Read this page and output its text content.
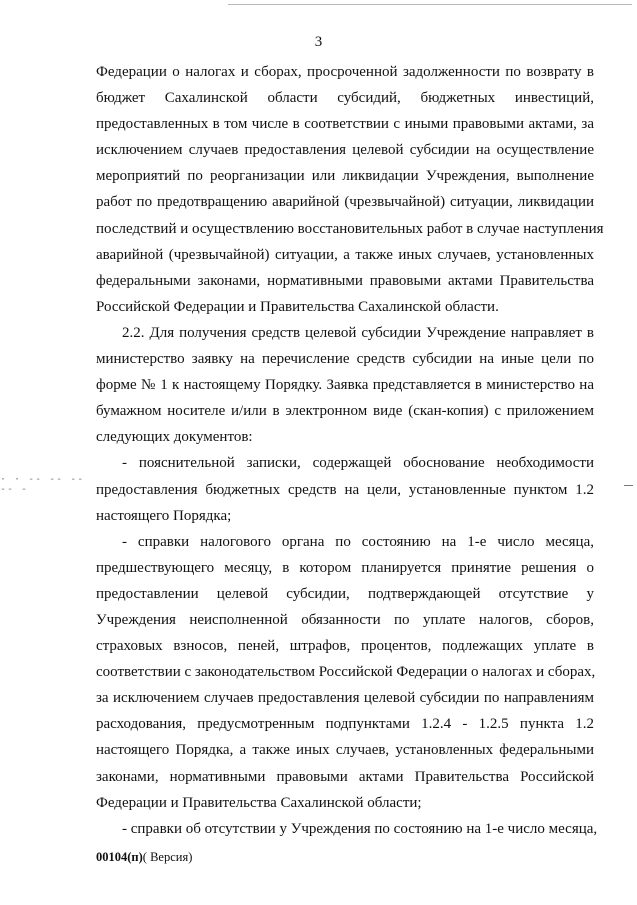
3
· · -- -- -- -- -
Федерации о налогах и сборах, просроченной задолженности по возврату в
бюджет Сахалинской области субсидий, бюджетных инвестиций,
предоставленных в том числе в соответствии с иными правовыми актами, за
исключением случаев предоставления целевой субсидии на осуществление
мероприятий по реорганизации или ликвидации Учреждения, выполнение
работ по предотвращению аварийной (чрезвычайной) ситуации, ликвидации
последствий и осуществлению восстановительных работ в случае наступления
аварийной (чрезвычайной) ситуации, а также иных случаев, установленных
федеральными законами, нормативными правовыми актами Правительства
Российской Федерации и Правительства Сахалинской области.
2.2. Для получения средств целевой субсидии Учреждение направляет в
министерство заявку на перечисление средств субсидии на иные цели по
форме № 1 к настоящему Порядку. Заявка представляется в министерство на
бумажном носителе и/или в электронном виде (скан-копия) с приложением
следующих документов:
- пояснительной записки, содержащей обоснование необходимости
предоставления бюджетных средств на цели, установленные пунктом 1.2
настоящего Порядка;
- справки налогового органа по состоянию на 1-е число месяца,
предшествующего месяцу, в котором планируется принятие решения о
предоставлении целевой субсидии, подтверждающей отсутствие у
Учреждения неисполненной обязанности по уплате налогов, сборов,
страховых взносов, пеней, штрафов, процентов, подлежащих уплате в
соответствии с законодательством Российской Федерации о налогах и сборах,
за исключением случаев предоставления целевой субсидии по направлениям
расходования, предусмотренным подпунктами 1.2.4 - 1.2.5 пункта 1.2
настоящего Порядка, а также иных случаев, установленных федеральными
законами, нормативными правовыми актами Правительства Российской
Федерации и Правительства Сахалинской области;
- справки об отсутствии у Учреждения по состоянию на 1-е число месяца,
00104(п)( Версия)
